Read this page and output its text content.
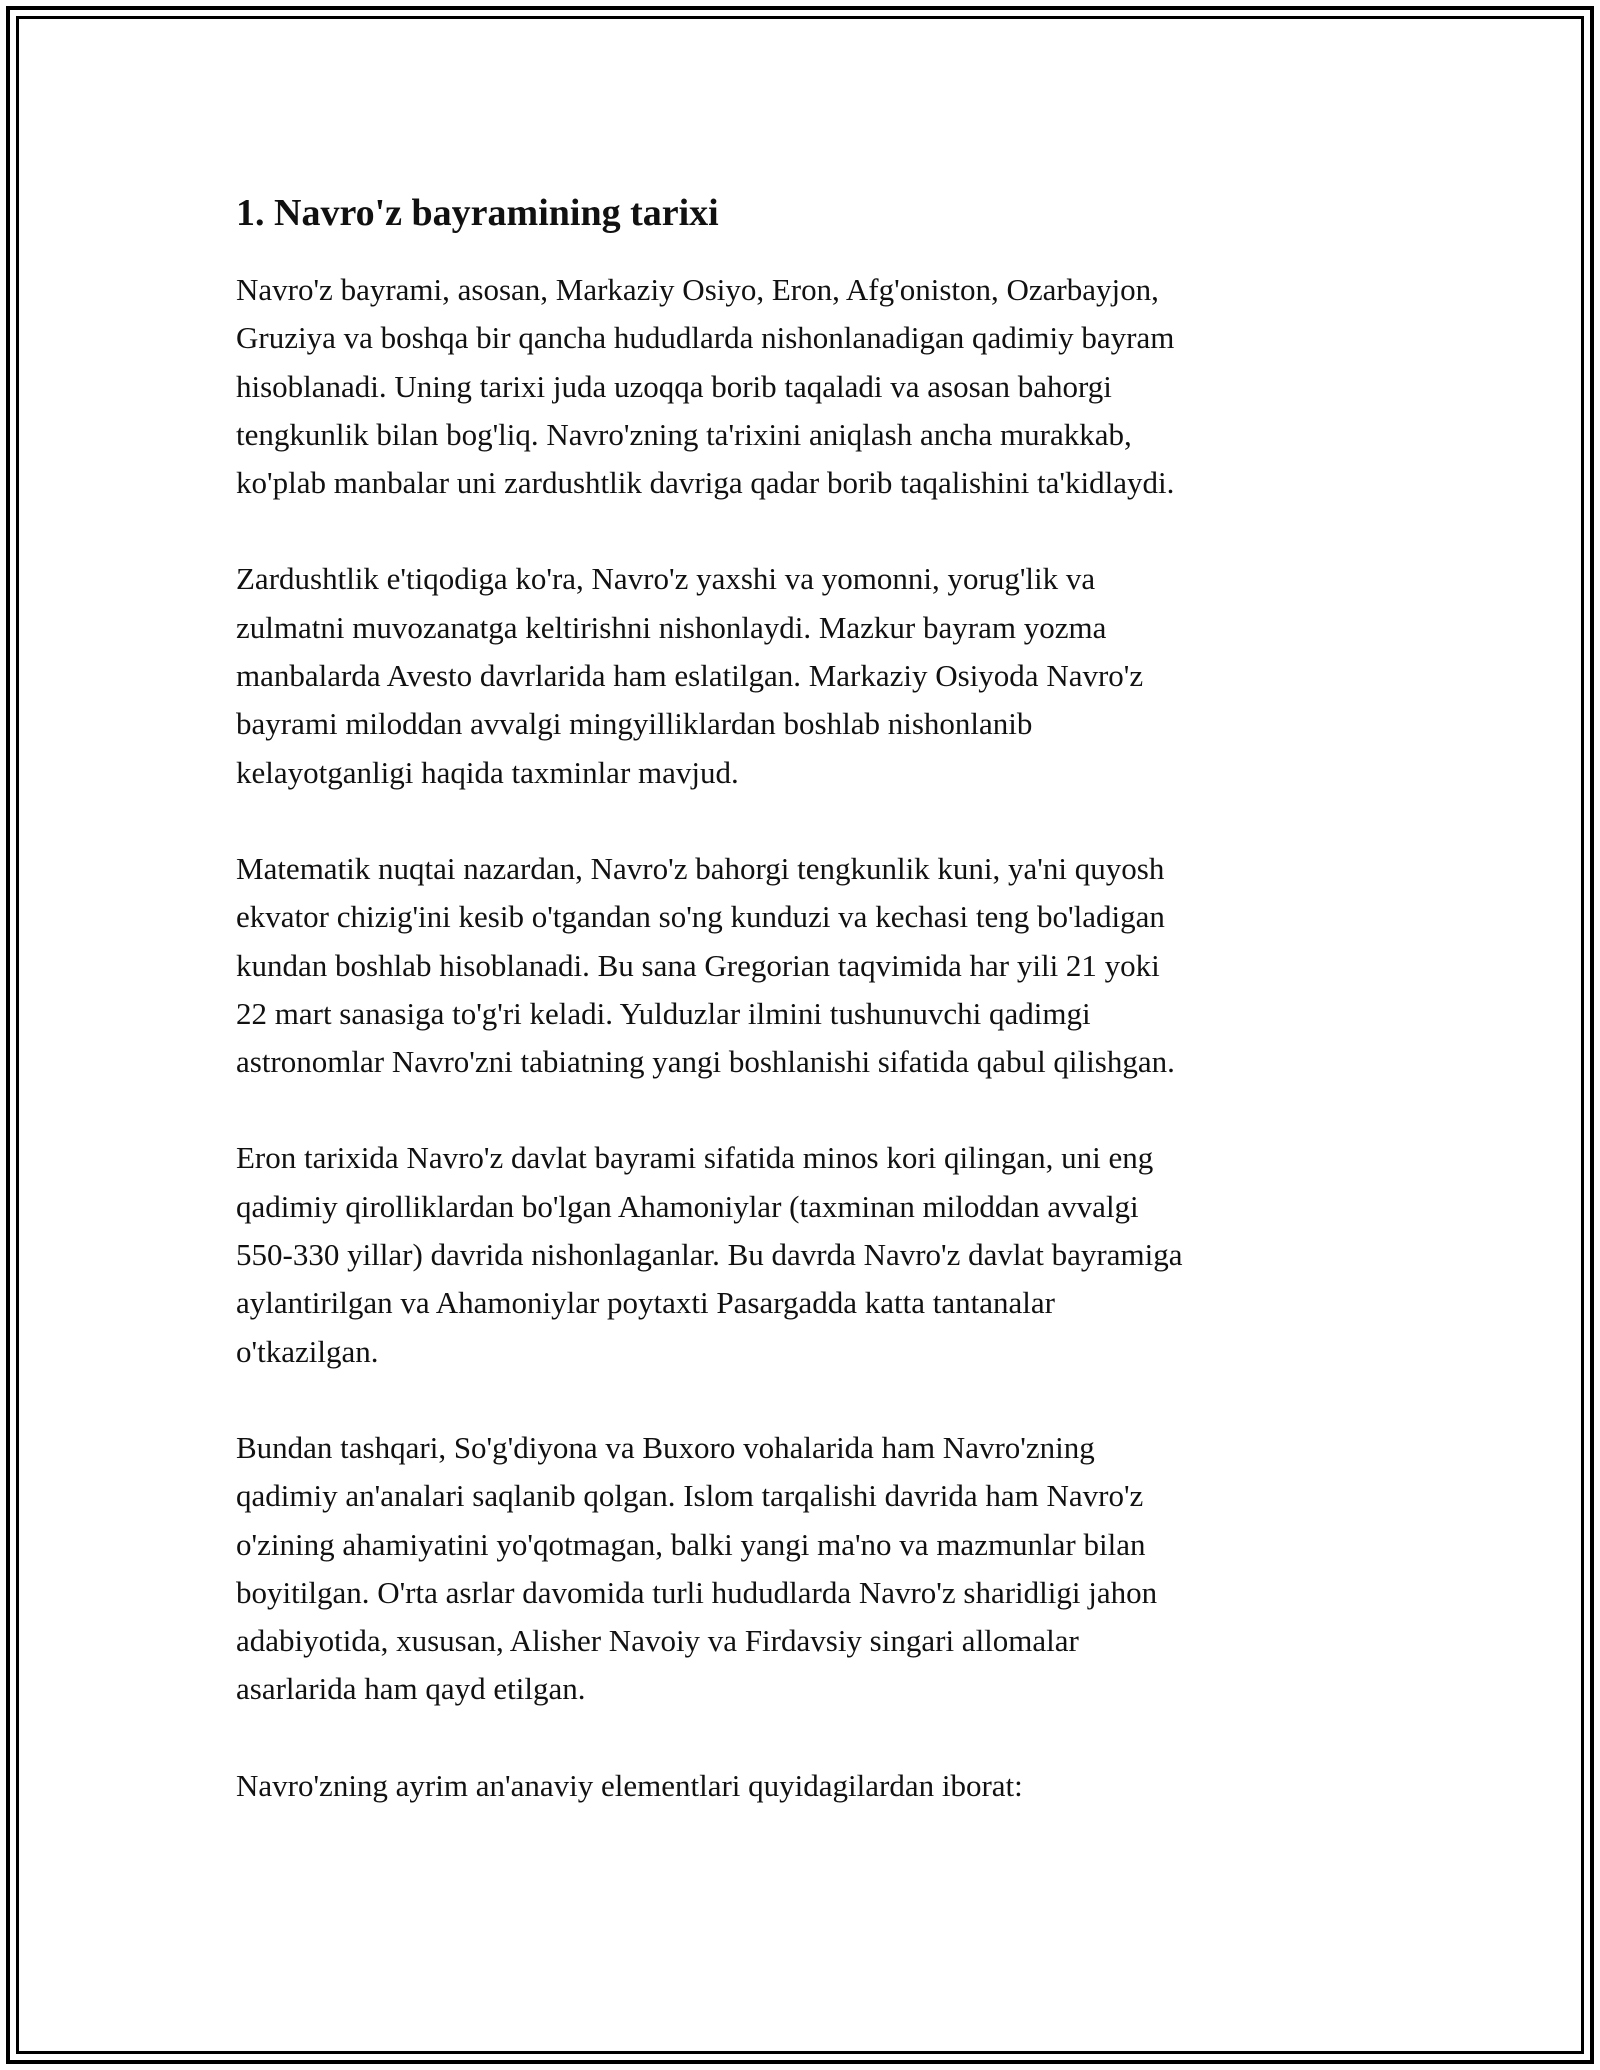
1. Navro'z bayramining tarixi

Navro'z bayrami, asosan, Markaziy Osiyo, Eron, Afg'oniston, Ozarbayjon,
Gruziya va boshqa bir qancha hududlarda nishonlanadigan qadimiy bayram
hisoblanadi. Uning tarixi juda uzoqqa borib taqaladi va asosan bahorgi
tengkunlik bilan bog'liq. Navro'zning ta'rixini aniqlash ancha murakkab,
ko'plab manbalar uni zardushtlik davriga qadar borib taqalishini ta'kidlaydi.

Zardushtlik e'tiqodiga ko'ra, Navro'z yaxshi va yomonni, yorug'lik va
zulmatni muvozanatga keltirishni nishonlaydi. Mazkur bayram yozma
manbalarda Avesto davrlarida ham eslatilgan. Markaziy Osiyoda Navro'z
bayrami miloddan avvalgi mingyilliklardan boshlab nishonlanib
kelayotganligi haqida taxminlar mavjud.

Matematik nuqtai nazardan, Navro'z bahorgi tengkunlik kuni, ya'ni quyosh
ekvator chizig'ini kesib o'tgandan so'ng kunduzi va kechasi teng bo'ladigan
kundan boshlab hisoblanadi. Bu sana Gregorian taqvimida har yili 21 yoki
22 mart sanasiga to'g'ri keladi. Yulduzlar ilmini tushunuvchi qadimgi
astronomlar Navro'zni tabiatning yangi boshlanishi sifatida qabul qilishgan.

Eron tarixida Navro'z davlat bayrami sifatida minos kori qilingan, uni eng
qadimiy qirolliklardan bo'lgan Ahamoniylar (taxminan miloddan avvalgi
550-330 yillar) davrida nishonlaganlar. Bu davrda Navro'z davlat bayramiga
aylantirilgan va Ahamoniylar poytaxti Pasargadda katta tantanalar
o'tkazilgan.

Bundan tashqari, So'g'diyona va Buxoro vohalarida ham Navro'zning
qadimiy an'analari saqlanib qolgan. Islom tarqalishi davrida ham Navro'z
o'zining ahamiyatini yo'qotmagan, balki yangi ma'no va mazmunlar bilan
boyitilgan. O'rta asrlar davomida turli hududlarda Navro'z sharidligi jahon
adabiyotida, xususan, Alisher Navoiy va Firdavsiy singari allomalar
asarlarida ham qayd etilgan.

Navro'zning ayrim an'anaviy elementlari quyidagilardan iborat:
